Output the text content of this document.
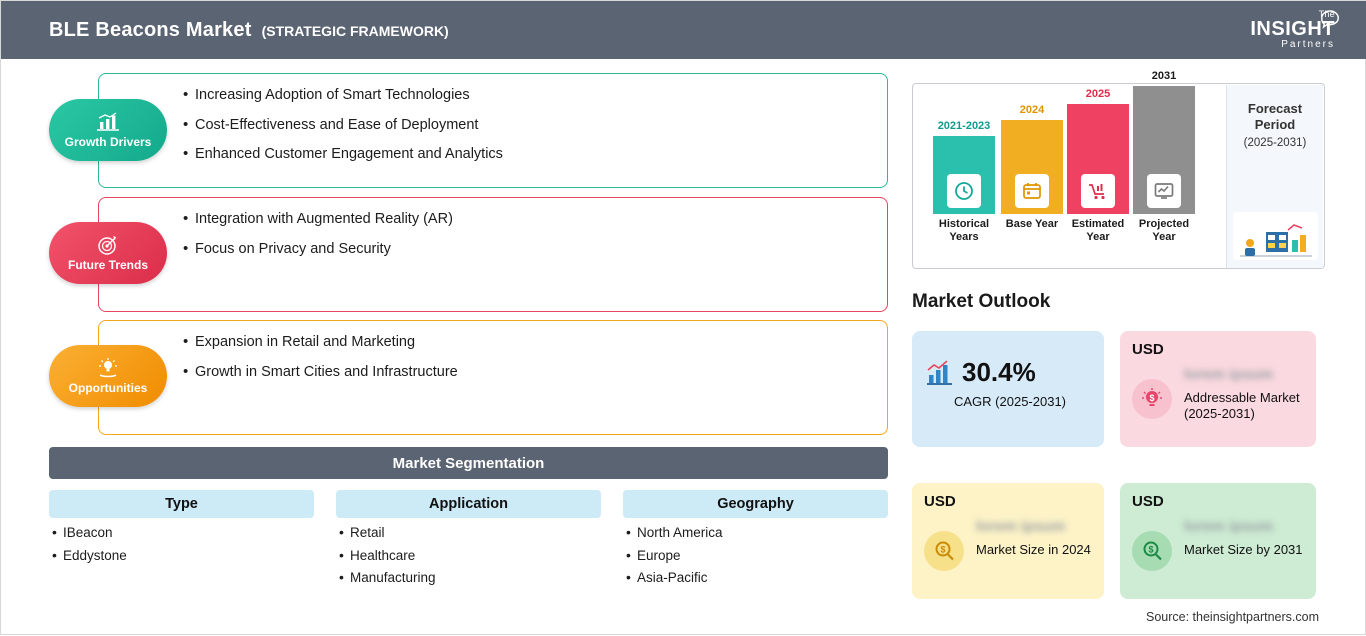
BLE Beacons Market (STRATEGIC FRAMEWORK)
The
INSIGHT
Partners
• Increasing Adoption of Smart Technologies
• Cost-Effectiveness and Ease of Deployment
• Enhanced Customer Engagement and Analytics
Growth Drivers
• Integration with Augmented Reality (AR)
• Focus on Privacy and Security
Future Trends
• Expansion in Retail and Marketing
• Growth in Smart Cities and Infrastructure
Opportunities
Market Segmentation
Type
• IBeacon
• Eddystone
Application
• Retail
• Healthcare
• Manufacturing
Geography
• North America
• Europe
• Asia-Pacific
2021-2023
Historical Years
2024
Base Year
2025
Estimated Year
2031
Projected Year
Forecast Period
(2025-2031)
Market Outlook
30.4%
CAGR (2025-2031)
USD
$
lorem ipsum
Addressable Market (2025-2031)
USD
$
lorem ipsum
Market Size in 2024
USD
$
lorem ipsum
Market Size by 2031
Source: theinsightpartners.com
